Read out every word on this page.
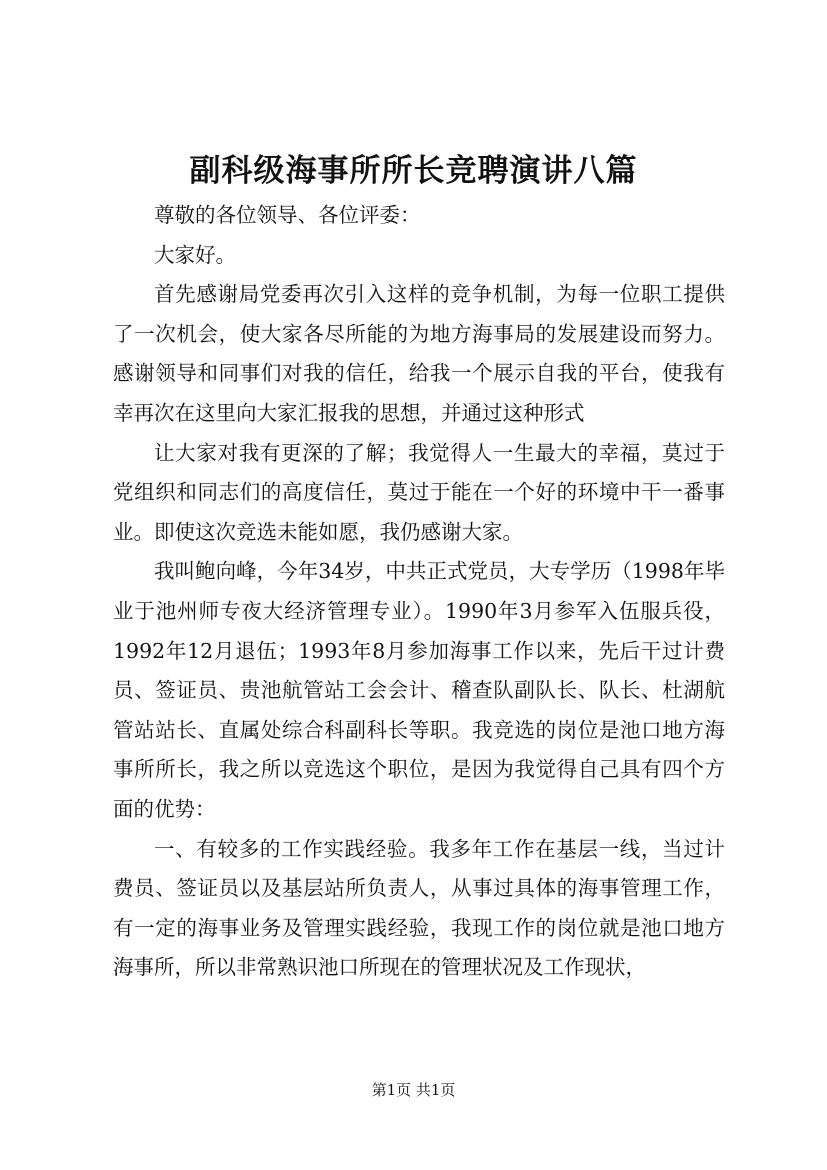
副科级海事所所长竞聘演讲八篇

尊敬的各位领导、各位评委：

大家好。

首先感谢局党委再次引入这样的竞争机制，为每一位职工提供了一次机会，使大家各尽所能的为地方海事局的发展建设而努力。感谢领导和同事们对我的信任，给我一个展示自我的平台，使我有幸再次在这里向大家汇报我的思想，并通过这种形式

让大家对我有更深的了解；我觉得人一生最大的幸福，莫过于党组织和同志们的高度信任，莫过于能在一个好的环境中干一番事业。即使这次竞选未能如愿，我仍感谢大家。

我叫鲍向峰，今年34岁，中共正式党员，大专学历（1998年毕业于池州师专夜大经济管理专业）。1990年3月参军入伍服兵役，1992年12月退伍；1993年8月参加海事工作以来，先后干过计费员、签证员、贵池航管站工会会计、稽查队副队长、队长、杜湖航管站站长、直属处综合科副科长等职。我竞选的岗位是池口地方海事所所长，我之所以竞选这个职位，是因为我觉得自己具有四个方面的优势：

一、有较多的工作实践经验。我多年工作在基层一线，当过计费员、签证员以及基层站所负责人，从事过具体的海事管理工作，有一定的海事业务及管理实践经验，我现工作的岗位就是池口地方海事所，所以非常熟识池口所现在的管理状况及工作现状，

第1页 共1页
